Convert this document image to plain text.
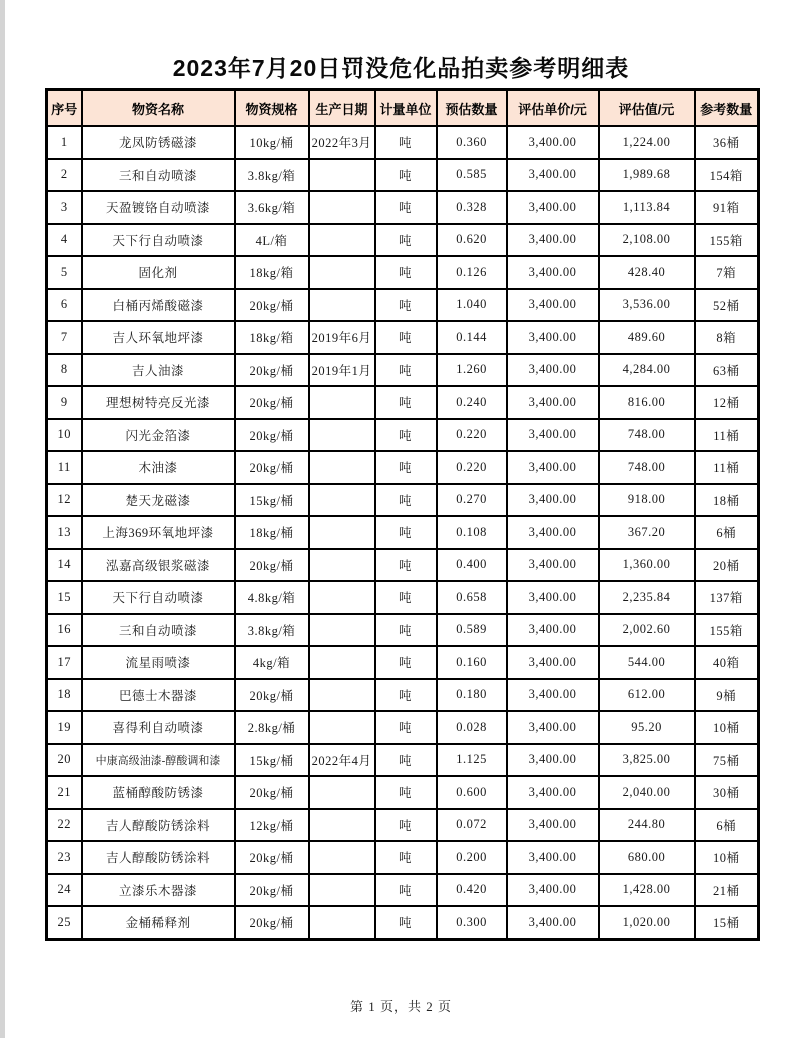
2023年7月20日罚没危化品拍卖参考明细表
序号	物资名称	物资规格	生产日期	计量单位	预估数量	评估单价/元	评估值/元	参考数量
1	龙凤防锈磁漆	10kg/桶	2022年3月	吨	0.360	3,400.00	1,224.00	36桶
2	三和自动喷漆	3.8kg/箱		吨	0.585	3,400.00	1,989.68	154箱
3	天盈镀铬自动喷漆	3.6kg/箱		吨	0.328	3,400.00	1,113.84	91箱
4	天下行自动喷漆	4L/箱		吨	0.620	3,400.00	2,108.00	155箱
5	固化剂	18kg/箱		吨	0.126	3,400.00	428.40	7箱
6	白桶丙烯酸磁漆	20kg/桶		吨	1.040	3,400.00	3,536.00	52桶
7	吉人环氧地坪漆	18kg/箱	2019年6月	吨	0.144	3,400.00	489.60	8箱
8	吉人油漆	20kg/桶	2019年1月	吨	1.260	3,400.00	4,284.00	63桶
9	理想树特亮反光漆	20kg/桶		吨	0.240	3,400.00	816.00	12桶
10	闪光金箔漆	20kg/桶		吨	0.220	3,400.00	748.00	11桶
11	木油漆	20kg/桶		吨	0.220	3,400.00	748.00	11桶
12	楚天龙磁漆	15kg/桶		吨	0.270	3,400.00	918.00	18桶
13	上海369环氧地坪漆	18kg/桶		吨	0.108	3,400.00	367.20	6桶
14	泓嘉高级银浆磁漆	20kg/桶		吨	0.400	3,400.00	1,360.00	20桶
15	天下行自动喷漆	4.8kg/箱		吨	0.658	3,400.00	2,235.84	137箱
16	三和自动喷漆	3.8kg/箱		吨	0.589	3,400.00	2,002.60	155箱
17	流星雨喷漆	4kg/箱		吨	0.160	3,400.00	544.00	40箱
18	巴德士木器漆	20kg/桶		吨	0.180	3,400.00	612.00	9桶
19	喜得利自动喷漆	2.8kg/桶		吨	0.028	3,400.00	95.20	10桶
20	中康高级油漆-醇酸调和漆	15kg/桶	2022年4月	吨	1.125	3,400.00	3,825.00	75桶
21	蓝桶醇酸防锈漆	20kg/桶		吨	0.600	3,400.00	2,040.00	30桶
22	吉人醇酸防锈涂料	12kg/桶		吨	0.072	3,400.00	244.80	6桶
23	吉人醇酸防锈涂料	20kg/桶		吨	0.200	3,400.00	680.00	10桶
24	立漆乐木器漆	20kg/桶		吨	0.420	3,400.00	1,428.00	21桶
25	金桶稀释剂	20kg/桶		吨	0.300	3,400.00	1,020.00	15桶
第 1 页，共 2 页
